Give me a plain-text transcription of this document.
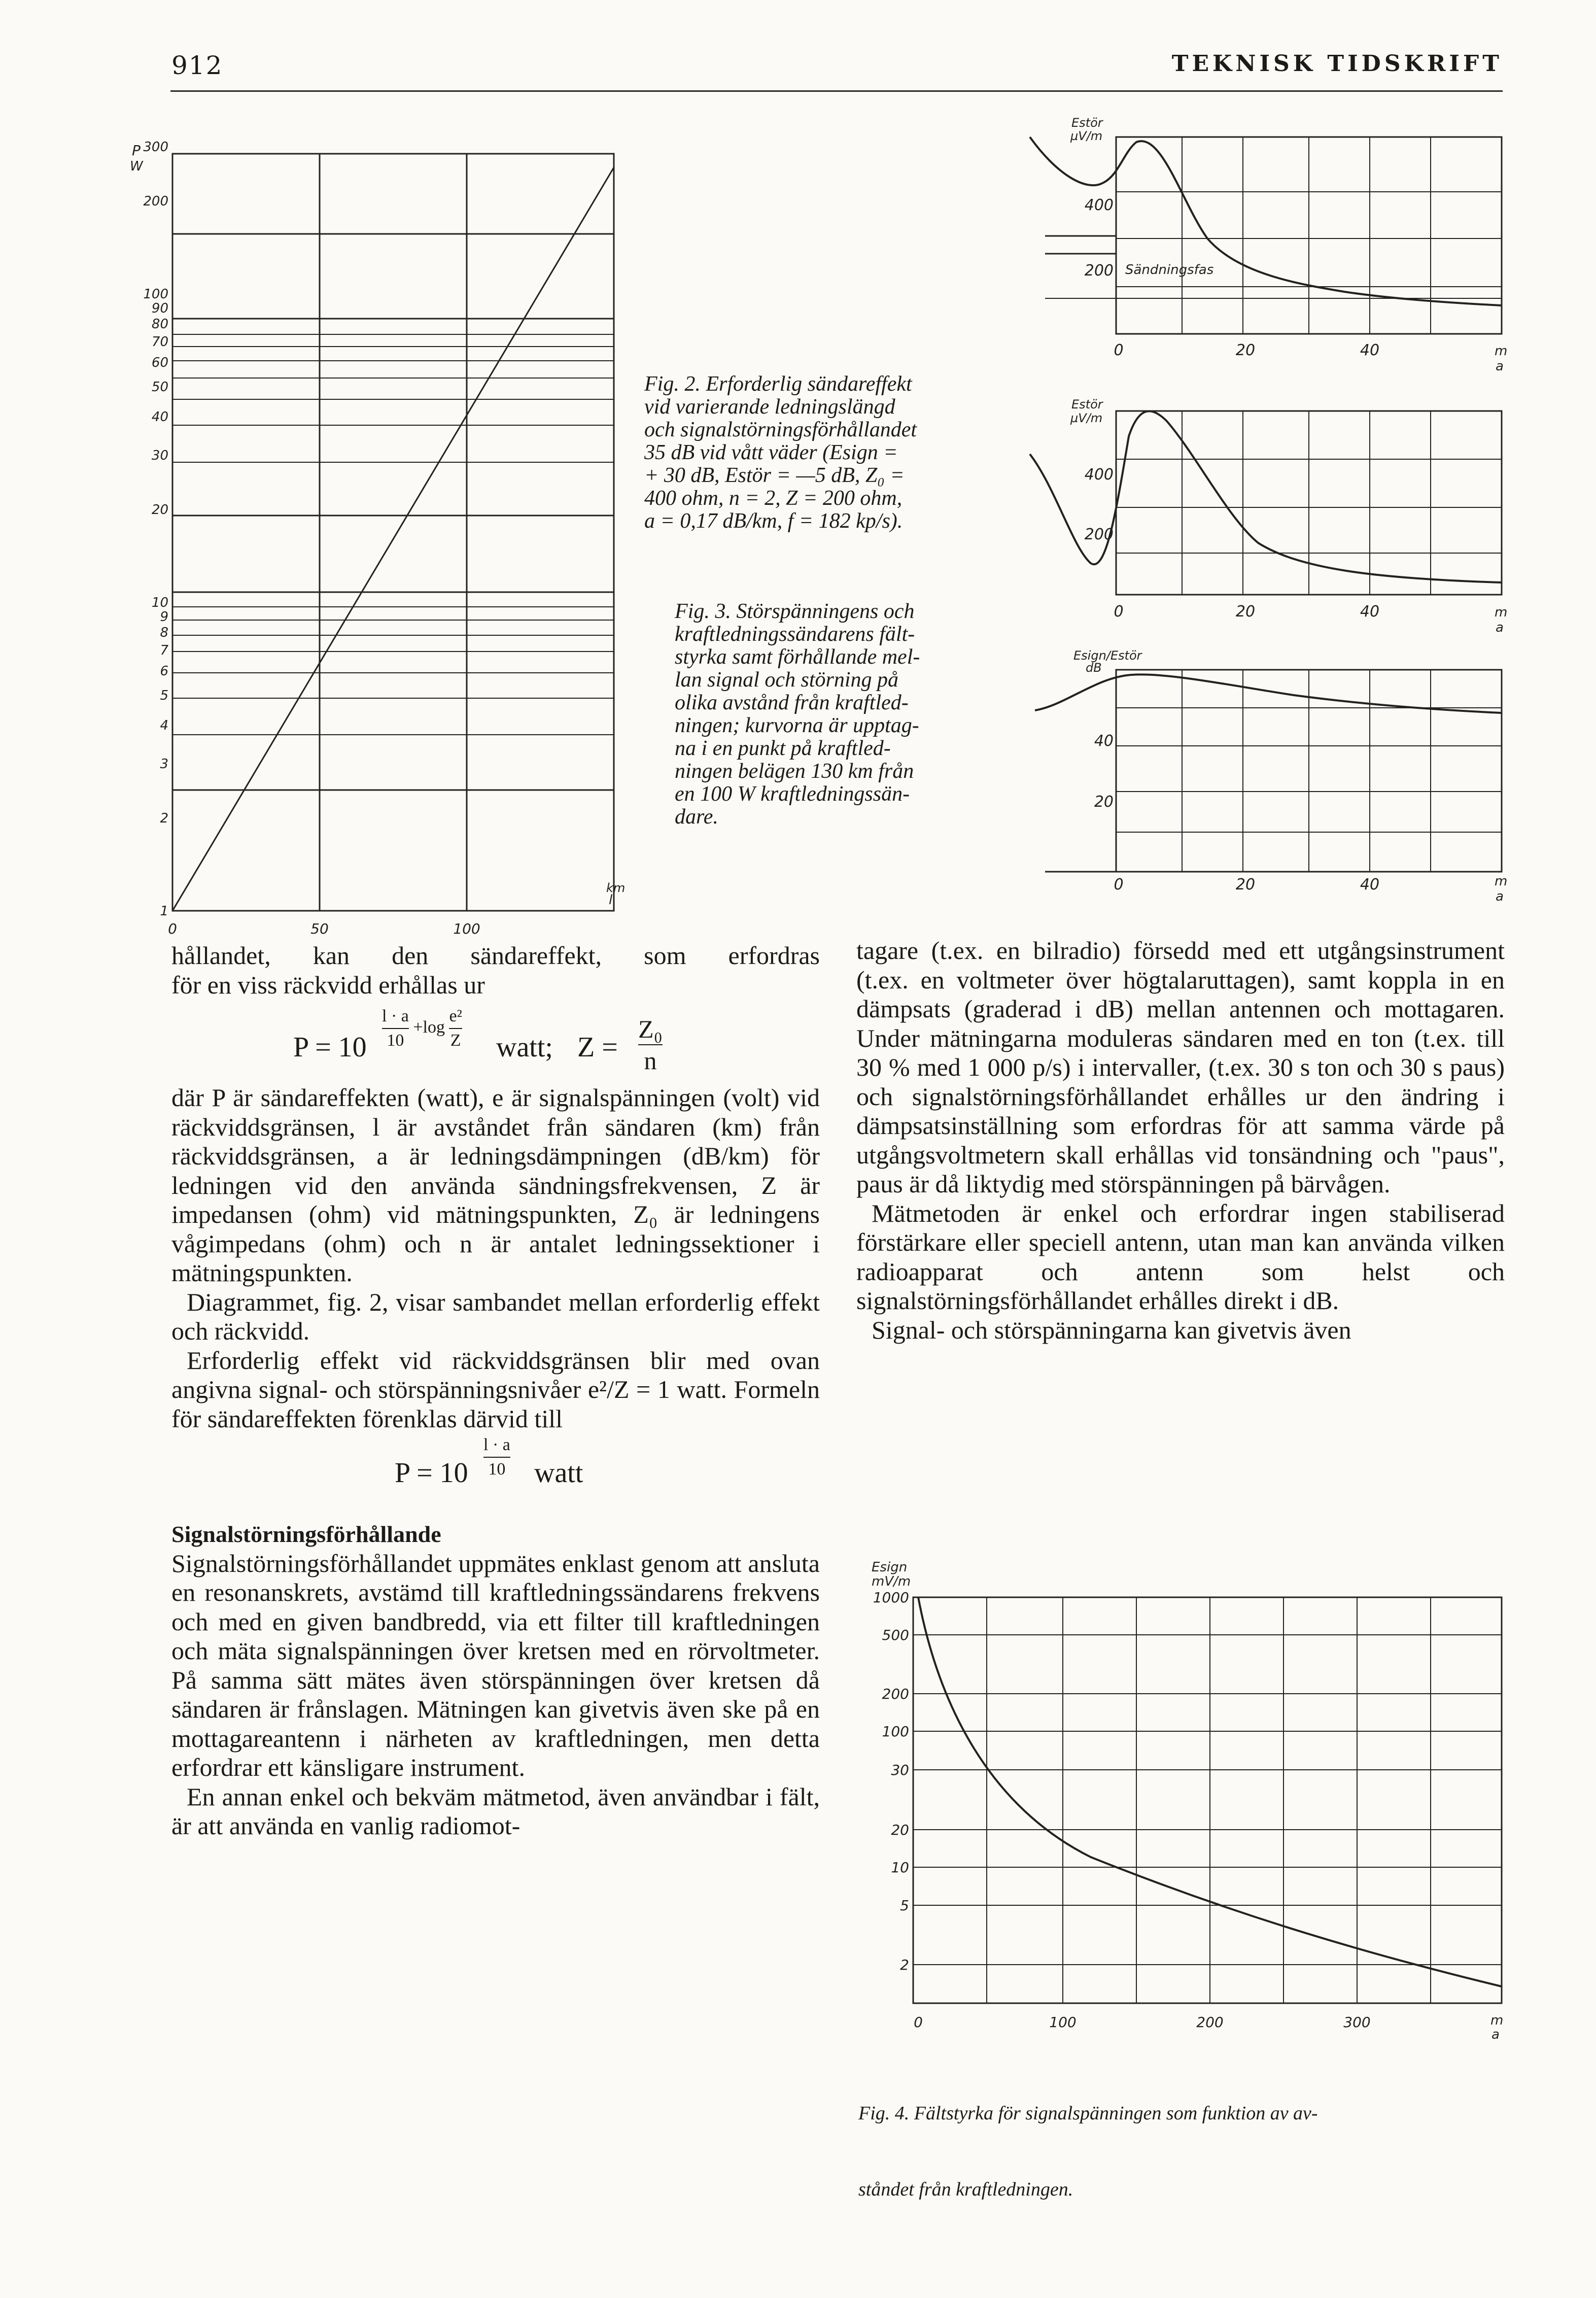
912	TEKNISK TIDSKRIFT
1
2
3
4
5
6
7
8
9
10
20
30
40
50
60
70
80
90
100
200
300
P
W
0	50	100
km
l
Fig. 2. Erforderlig sändareffekt
vid varierande ledningslängd
och signalstörningsförhållandet
35 dB vid vått väder (Esign =
+ 30 dB, Estör = —5 dB, Z₀ =
400 ohm, n = 2, Z = 200 ohm,
a = 0,17 dB/km, f = 182 kp/s).
Fig. 3. Störspänningens och
kraftledningssändarens fält-
styrka samt förhållande mel-
lan signal och störning på
olika avstånd från kraftled-
ningen; kurvorna är upptag-
na i en punkt på kraftled-
ningen belägen 130 km från
en 100 W kraftledningssän-
dare.
400
200
400
200
40
20
Estör
µV/m
Sändningsfas
Estör
µV/m
Esign/Estör
dB
0	20	40
0	20	40
0	20	40
m
a
m
a
m
a
1000
500
200
100
30
20
10
5
2
Esign
mV/m
0	100	200	300	m
a

Fig. 4. Fältstyrka för signalspänningen som funktion av av-

ståndet från kraftledningen.

hållandet, kan den sändareffekt, som erfordras

för en viss räckvidd erhållas ur

$P = 10 \frac{l \cdot a}{10} +\log \frac{\text{e²}}{Z}$ watt; $Z = \frac{\text{Z₀}}{n}$

där P är sändareffekten (watt), e är signalspänningen (volt) vid räckviddsgränsen, l är avståndet från sändaren (km) från räckviddsgränsen, a är ledningsdämpningen (dB/km) för ledningen vid den använda sändningsfrekvensen, Z är impedansen (ohm) vid mätningspunkten, Z₀ är ledningens vågimpedans (ohm) och n är antalet ledningssektioner i mätningspunkten.

Diagrammet, fig. 2, visar sambandet mellan erforderlig effekt och räckvidd.

Erforderlig effekt vid räckviddsgränsen blir med ovan angivna signal- och störspänningsnivåer e²/Z = 1 watt. Formeln för sändareffekten förenklas därvid till

$P = 10 \frac{l \cdot a}{10}$ watt

Signalstörningsförhållande

Signalstörningsförhållandet uppmätes enklast genom att ansluta en resonanskrets, avstämd till kraftledningssändarens frekvens och med en given bandbredd, via ett filter till kraftledningen och mäta signalspänningen över kretsen med en rörvoltmeter. På samma sätt mätes även störspänningen över kretsen då sändaren är frånslagen. Mätningen kan givetvis även ske på en mottagareantenn i närheten av kraftledningen, men detta erfordrar ett känsligare instrument.

En annan enkel och bekväm mätmetod, även användbar i fält, är att använda en vanlig radiomot-

tagare (t.ex. en bilradio) försedd med ett utgångsinstrument (t.ex. en voltmeter över högtalaruttagen), samt koppla in en dämpsats (graderad i dB) mellan antennen och mottagaren. Under mätningarna moduleras sändaren med en ton (t.ex. till 30 % med 1 000 p/s) i intervaller, (t.ex. 30 s ton och 30 s paus) och signalstörningsförhållandet erhålles ur den ändring i dämpsatsinställning som erfordras för att samma värde på utgångsvoltmetern skall erhållas vid tonsändning och "paus", paus är då liktydig med störspänningen på bärvågen.

Mätmetoden är enkel och erfordrar ingen stabiliserad förstärkare eller speciell antenn, utan man kan använda vilken radioapparat och antenn som helst och signalstörningsförhållandet erhålles direkt i dB.

Signal- och störspänningarna kan givetvis även
